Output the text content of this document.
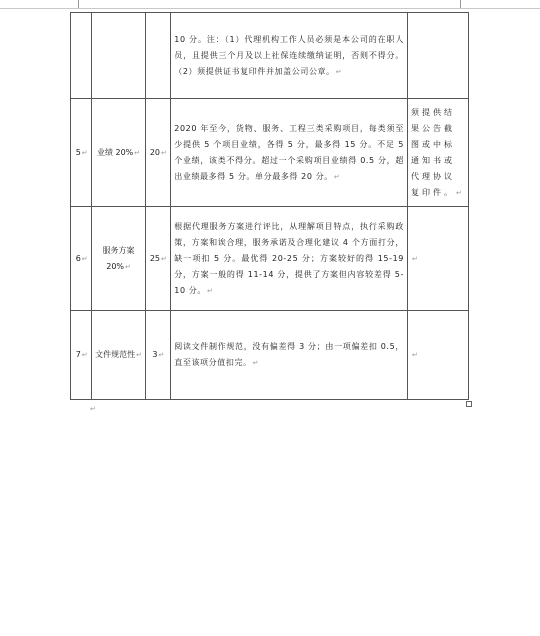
			10 分。注：（1）代理机构工作人员必须是本公司的在职人员，且提供三个月及以上社保连续缴纳证明，否则不得分。（2）须提供证书复印件并加盖公司公章。↵	
5↵	业绩 20%↵	20↵	2020 年至今，货物、服务、工程三类采购项目，每类须至少提供 5 个项目业绩，各得 5 分，最多得 15 分。不足 5 个业绩，该类不得分。超过一个采购项目业绩得 0.5 分，超出业绩最多得 5 分。单分最多得 20 分。↵	须提供结果公告截图或中标通知书或代理协议复印件。↵
6↵	服务方案 20%↵	25↵	根据代理服务方案进行评比，从理解项目特点，执行采购政策，方案和诶合理，服务承诺及合理化建议 4 个方面打分，缺一项扣 5 分。最优得 20-25 分；方案较好的得 15-19 分，方案一般的得 11-14 分，提供了方案但内容较差得 5-10 分。↵	↵
7↵	文件规范性↵	3↵	阅读文件制作规范，没有偏差得 3 分；由一项偏差扣 0.5，直至该项分值扣完。↵	↵
↵
